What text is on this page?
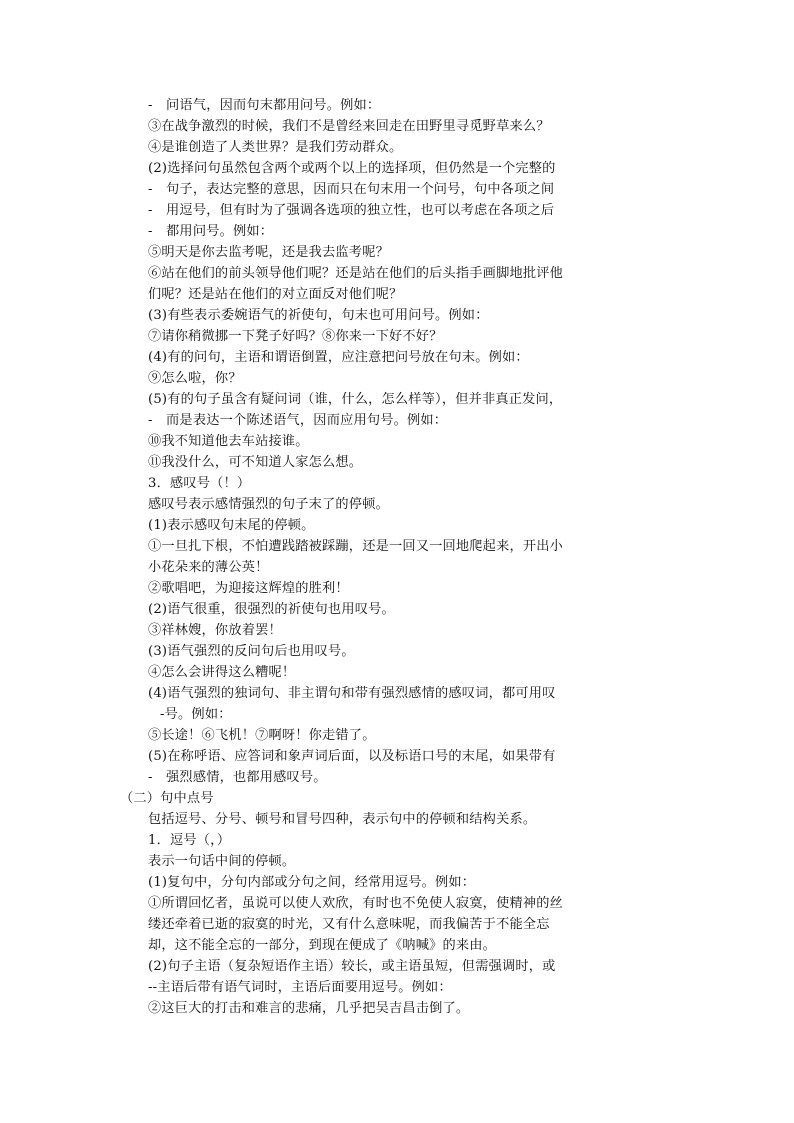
-　问语气，因而句末都用问号。例如：
③在战争激烈的时候，我们不是曾经来回走在田野里寻觅野草来么？
④是谁创造了人类世界？是我们劳动群众。
(2)选择问句虽然包含两个或两个以上的选择项，但仍然是一个完整的
-　句子，表达完整的意思，因而只在句末用一个问号，句中各项之间
-　用逗号，但有时为了强调各选项的独立性，也可以考虑在各项之后
-　都用问号。例如：
⑤明天是你去监考呢，还是我去监考呢？
⑥站在他们的前头领导他们呢？还是站在他们的后头指手画脚地批评他
们呢？还是站在他们的对立面反对他们呢？
(3)有些表示委婉语气的祈使句，句末也可用问号。例如：
⑦请你稍微挪一下凳子好吗？⑧你来一下好不好？
(4)有的问句，主语和谓语倒置，应注意把问号放在句末。例如：
⑨怎么啦，你？
(5)有的句子虽含有疑问词（谁，什么，怎么样等），但并非真正发问，
-　而是表达一个陈述语气，因而应用句号。例如：
⑩我不知道他去车站接谁。
⑪我没什么，可不知道人家怎么想。
3．感叹号（！）
感叹号表示感情强烈的句子末了的停顿。
(1)表示感叹句末尾的停顿。
①一旦扎下根，不怕遭践踏被踩蹦，还是一回又一回地爬起来，开出小
小花朵来的薄公英！
②歌唱吧，为迎接这辉煌的胜利！
(2)语气很重，很强烈的祈使句也用叹号。
③祥林嫂，你放着罢！
(3)语气强烈的反问句后也用叹号。
④怎么会讲得这么糟呢！
(4)语气强烈的独词句、非主谓句和带有强烈感情的感叹词，都可用叹
-号。例如：
⑤长途！⑥飞机！⑦啊呀！你走错了。
(5)在称呼语、应答词和象声词后面，以及标语口号的末尾，如果带有
-　强烈感情，也都用感叹号。
（二）句中点号
包括逗号、分号、顿号和冒号四种，表示句中的停顿和结构关系。
1．逗号（，）
表示一句话中间的停顿。
(1)复句中，分句内部或分句之间，经常用逗号。例如：
①所谓回忆者，虽说可以使人欢欣，有时也不免使人寂寞，使精神的丝
缕还牵着已逝的寂寞的时光，又有什么意味呢，而我偏苦于不能全忘
却，这不能全忘的一部分，到现在便成了《呐喊》的来由。
(2)句子主语（复杂短语作主语）较长，或主语虽短，但需强调时，或
--主语后带有语气词时，主语后面要用逗号。例如：
②这巨大的打击和难言的悲痛，几乎把吴吉昌击倒了。
